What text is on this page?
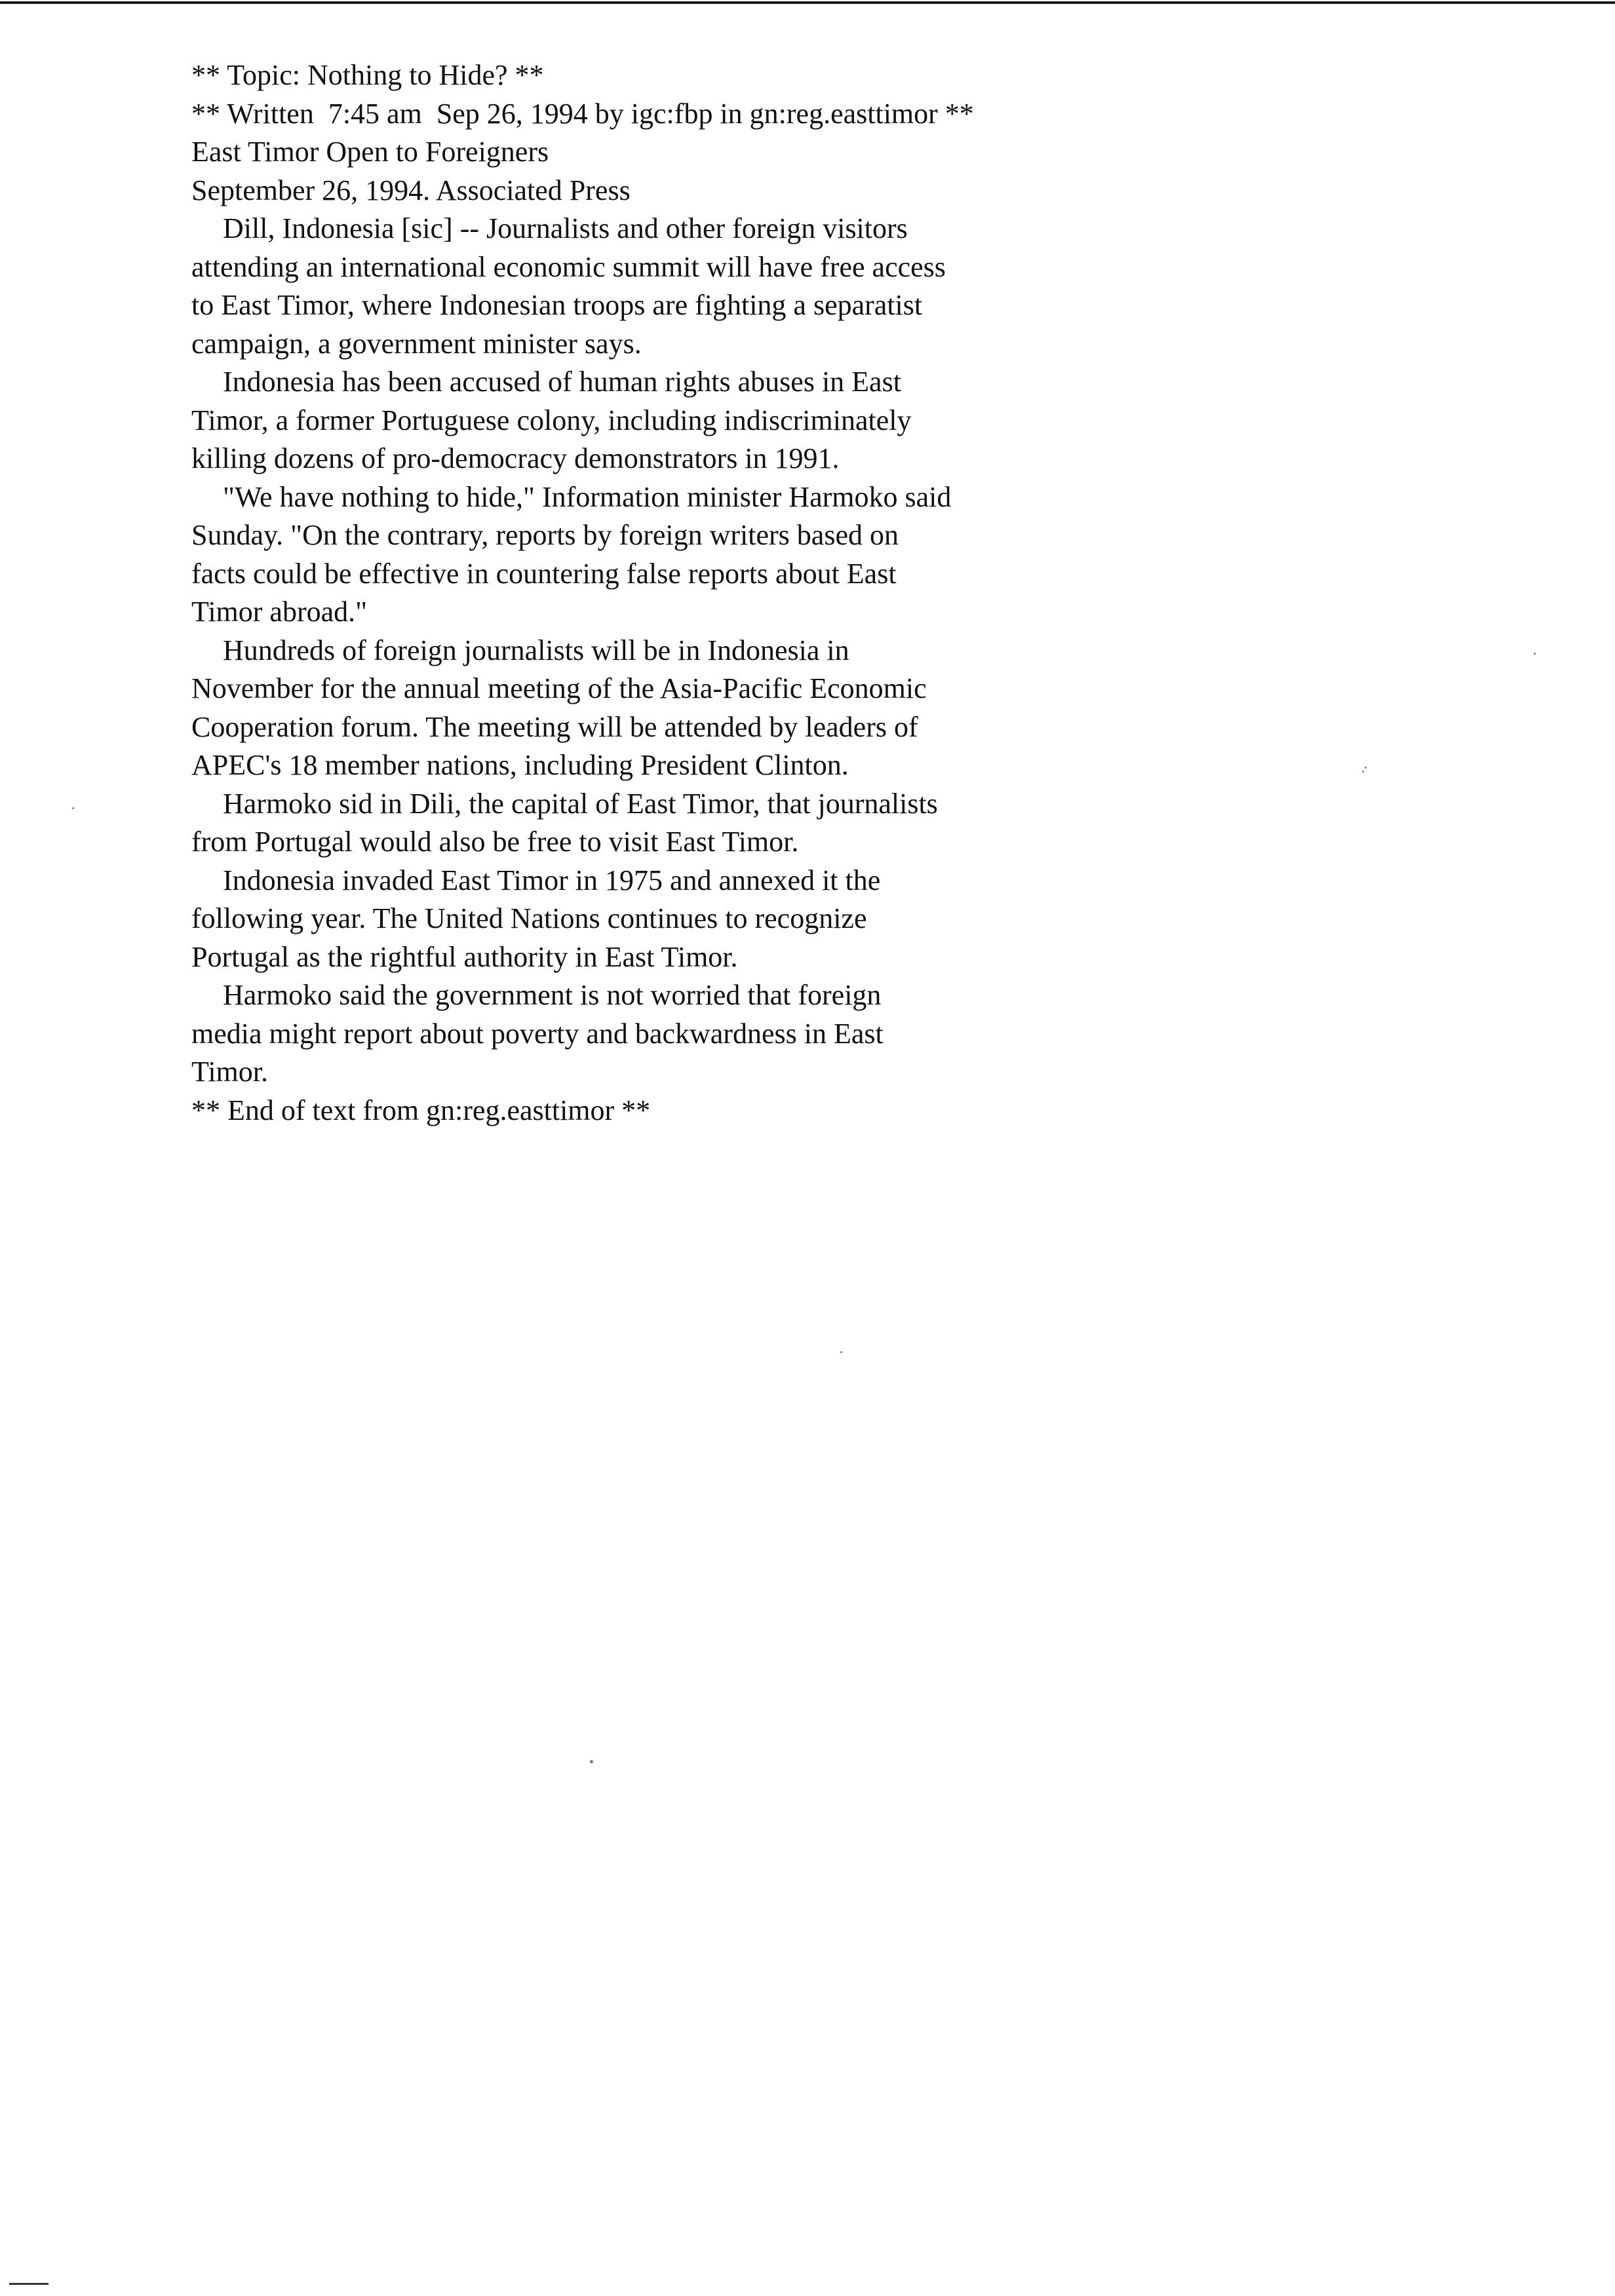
** Topic: Nothing to Hide? **
** Written  7:45 am  Sep 26, 1994 by igc:fbp in gn:reg.easttimor **
East Timor Open to Foreigners
September 26, 1994. Associated Press
Dill, Indonesia [sic] -- Journalists and other foreign visitors
attending an international economic summit will have free access
to East Timor, where Indonesian troops are fighting a separatist
campaign, a government minister says.
Indonesia has been accused of human rights abuses in East
Timor, a former Portuguese colony, including indiscriminately
killing dozens of pro-democracy demonstrators in 1991.
"We have nothing to hide," Information minister Harmoko said
Sunday. "On the contrary, reports by foreign writers based on
facts could be effective in countering false reports about East
Timor abroad."
Hundreds of foreign journalists will be in Indonesia in
November for the annual meeting of the Asia-Pacific Economic
Cooperation forum. The meeting will be attended by leaders of
APEC's 18 member nations, including President Clinton.
Harmoko sid in Dili, the capital of East Timor, that journalists
from Portugal would also be free to visit East Timor.
Indonesia invaded East Timor in 1975 and annexed it the
following year. The United Nations continues to recognize
Portugal as the rightful authority in East Timor.
Harmoko said the government is not worried that foreign
media might report about poverty and backwardness in East
Timor.
** End of text from gn:reg.easttimor **
